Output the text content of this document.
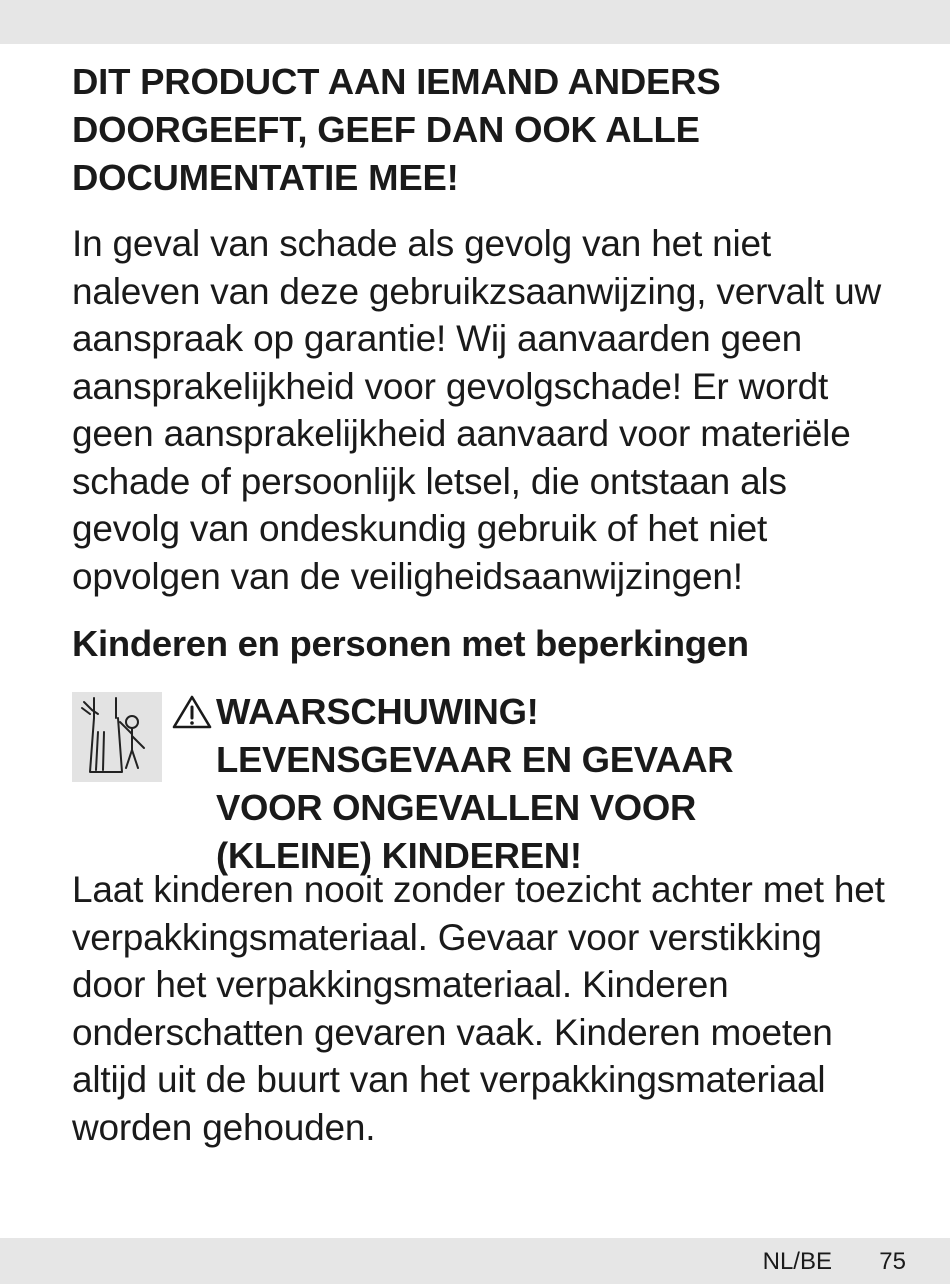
DIT PRODUCT AAN IEMAND ANDERS DOORGEEFT, GEEF DAN OOK ALLE DOCUMENTATIE MEE!

In geval van schade als gevolg van het niet naleven van deze gebruikzsaanwijzing, vervalt uw aanspraak op garantie! Wij aanvaarden geen aansprakelijkheid voor gevolgschade! Er wordt geen aansprakelijkheid aanvaard voor materiële schade of persoonlijk letsel, die ontstaan als gevolg van ondeskundig gebruik of het niet opvolgen van de veiligheidsaanwijzingen!

Kinderen en personen met beperkingen

WAARSCHUWING!
LEVENSGEVAAR EN GEVAAR
VOOR ONGEVALLEN VOOR
(KLEINE) KINDEREN!

Laat kinderen nooit zonder toezicht achter met het verpakkingsmateriaal. Gevaar voor verstikking door het verpakkingsmateriaal. Kinderen onderschatten gevaren vaak. Kinderen moeten altijd uit de buurt van het verpakkingsmateriaal worden gehouden.

NL/BE 75
